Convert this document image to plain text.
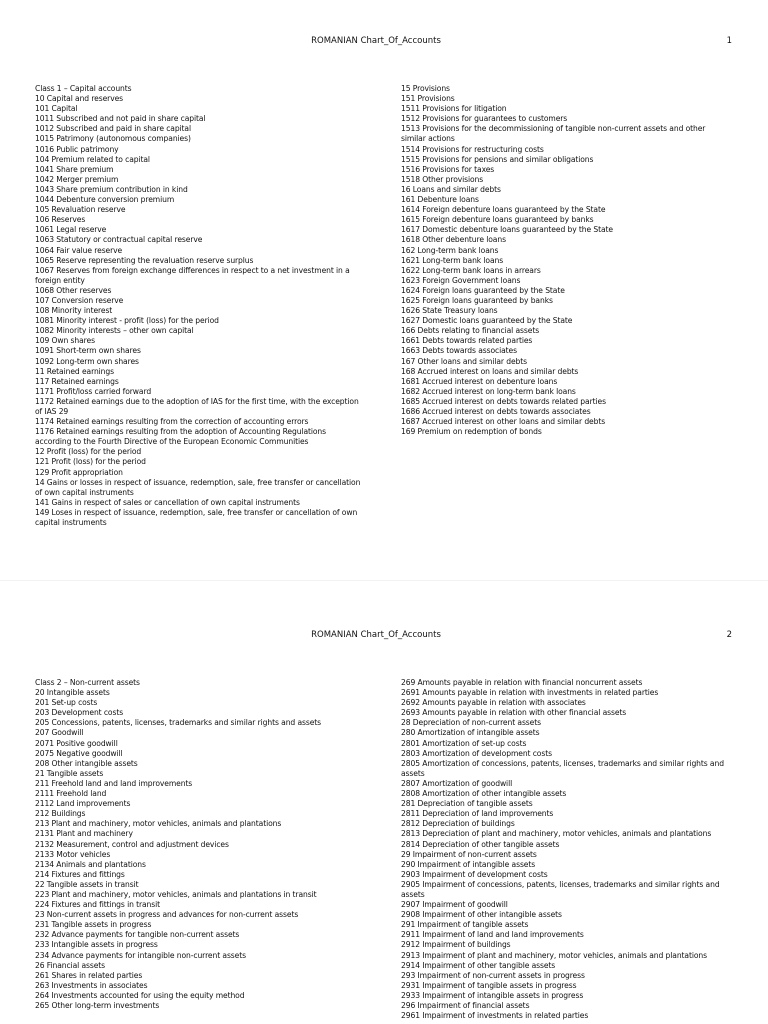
ROMANIAN Chart_Of_Accounts	1
Class 1 – Capital accounts
10 Capital and reserves
101 Capital
1011 Subscribed and not paid in share capital
1012 Subscribed and paid in share capital
1015 Patrimony (autonomous companies)
1016 Public patrimony
104 Premium related to capital
1041 Share premium
1042 Merger premium
1043 Share premium contribution in kind
1044 Debenture conversion premium
105 Revaluation reserve
106 Reserves
1061 Legal reserve
1063 Statutory or contractual capital reserve
1064 Fair value reserve
1065 Reserve representing the revaluation reserve surplus
1067 Reserves from foreign exchange differences in respect to a net investment in a foreign entity
1068 Other reserves
107 Conversion reserve
108 Minority interest
1081 Minority interest - profit (loss) for the period
1082 Minority interests – other own capital
109 Own shares
1091 Short-term own shares
1092 Long-term own shares
11 Retained earnings
117 Retained earnings
1171 Profit/loss carried forward
1172 Retained earnings due to the adoption of IAS for the first time, with the exception of IAS 29
1174 Retained earnings resulting from the correction of accounting errors
1176 Retained earnings resulting from the adoption of Accounting Regulations according to the Fourth Directive of the European Economic Communities
12 Profit (loss) for the period
121 Profit (loss) for the period
129 Profit appropriation
14 Gains or losses in respect of issuance, redemption, sale, free transfer or cancellation of own capital instruments
141 Gains in respect of sales or cancellation of own capital instruments
149 Loses in respect of issuance, redemption, sale, free transfer or cancellation of own capital instruments
15 Provisions
151 Provisions
1511 Provisions for litigation
1512 Provisions for guarantees to customers
1513 Provisions for the decommissioning of tangible non-current assets and other similar actions
1514 Provisions for restructuring costs
1515 Provisions for pensions and similar obligations
1516 Provisions for taxes
1518 Other provisions
16 Loans and similar debts
161 Debenture loans
1614 Foreign debenture loans guaranteed by the State
1615 Foreign debenture loans guaranteed by banks
1617 Domestic debenture loans guaranteed by the State
1618 Other debenture loans
162 Long-term bank loans
1621 Long-term bank loans
1622 Long-term bank loans in arrears
1623 Foreign Government loans
1624 Foreign loans guaranteed by the State
1625 Foreign loans guaranteed by banks
1626 State Treasury loans
1627 Domestic loans guaranteed by the State
166 Debts relating to financial assets
1661 Debts towards related parties
1663 Debts towards associates
167 Other loans and similar debts
168 Accrued interest on loans and similar debts
1681 Accrued interest on debenture loans
1682 Accrued interest on long-term bank loans
1685 Accrued interest on debts towards related parties
1686 Accrued interest on debts towards associates
1687 Accrued interest on other loans and similar debts
169 Premium on redemption of bonds
ROMANIAN Chart_Of_Accounts	2
Class 2 – Non-current assets
20 Intangible assets
201 Set-up costs
203 Development costs
205 Concessions, patents, licenses, trademarks and similar rights and assets
207 Goodwill
2071 Positive goodwill
2075 Negative goodwill
208 Other intangible assets
21 Tangible assets
211 Freehold land and land improvements
2111 Freehold land
2112 Land improvements
212 Buildings
213 Plant and machinery, motor vehicles, animals and plantations
2131 Plant and machinery
2132 Measurement, control and adjustment devices
2133 Motor vehicles
2134 Animals and plantations
214 Fixtures and fittings
22 Tangible assets in transit
223 Plant and machinery, motor vehicles, animals and plantations in transit
224 Fixtures and fittings in transit
23 Non-current assets in progress and advances for non-current assets
231 Tangible assets in progress
232 Advance payments for tangible non-current assets
233 Intangible assets in progress
234 Advance payments for intangible non-current assets
26 Financial assets
261 Shares in related parties
263 Investments in associates
264 Investments accounted for using the equity method
265 Other long-term investments
269 Amounts payable in relation with financial noncurrent assets
2691 Amounts payable in relation with investments in related parties
2692 Amounts payable in relation with associates
2693 Amounts payable in relation with other financial assets
28 Depreciation of non-current assets
280 Amortization of intangible assets
2801 Amortization of set-up costs
2803 Amortization of development costs
2805 Amortization of concessions, patents, licenses, trademarks and similar rights and assets
2807 Amortization of goodwill
2808 Amortization of other intangible assets
281 Depreciation of tangible assets
2811 Depreciation of land improvements
2812 Depreciation of buildings
2813 Depreciation of plant and machinery, motor vehicles, animals and plantations
2814 Depreciation of other tangible assets
29 Impairment of non-current assets
290 Impairment of intangible assets
2903 Impairment of development costs
2905 Impairment of concessions, patents, licenses, trademarks and similar rights and assets
2907 Impairment of goodwill
2908 Impairment of other intangible assets
291 Impairment of tangible assets
2911 Impairment of land and land improvements
2912 Impairment of buildings
2913 Impairment of plant and machinery, motor vehicles, animals and plantations
2914 Impairment of other tangible assets
293 Impairment of non-current assets in progress
2931 Impairment of tangible assets in progress
2933 Impairment of intangible assets in progress
296 Impairment of financial assets
2961 Impairment of investments in related parties
